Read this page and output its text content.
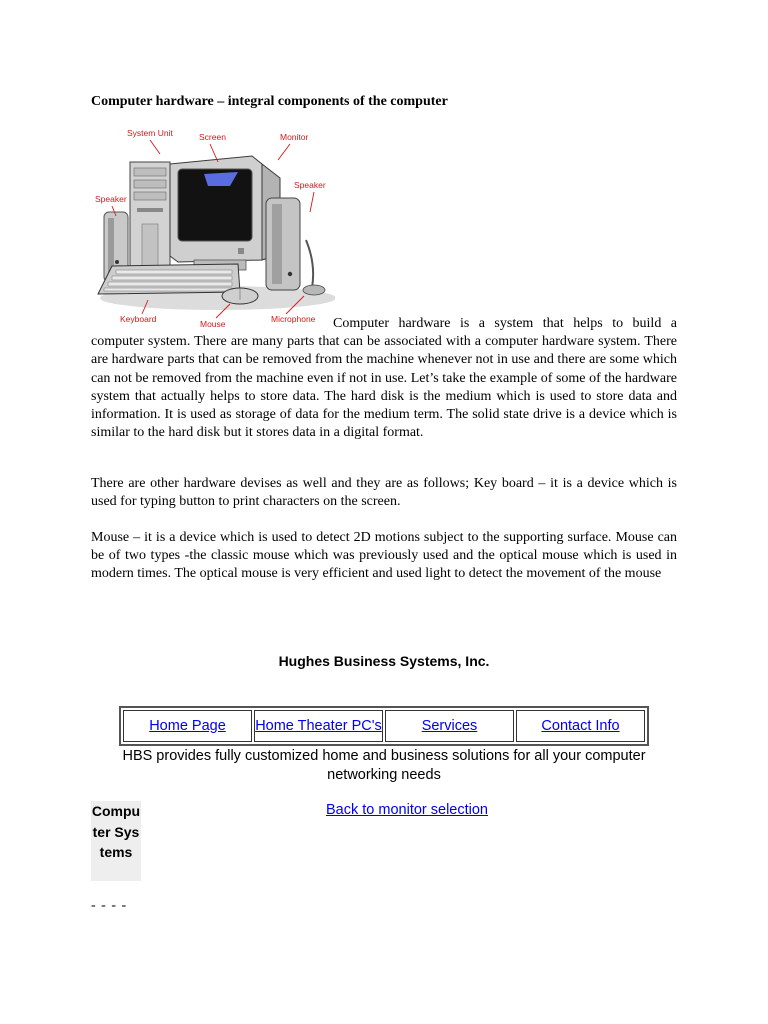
Computer hardware – integral components of the computer
System Unit	Screen	Monitor
Speaker
Speaker
Keyboard	Mouse	Microphone	Computer hardware is a system that helps to build a computer system. There are many parts that can be associated with a computer hardware system. There are hardware parts that can be removed from the machine whenever not in use and there are some which can not be removed from the machine even if not in use. Let’s take the example of some of the hardware system that actually helps to store data. The hard disk is the medium which is used to store data and information. It is used as storage of data for the medium term. The solid state drive is a device which is similar to the hard disk but it stores data in a digital format.

There are other hardware devises as well and they are as follows; Key board – it is a device which is used for typing button to print characters on the screen.

Mouse – it is a device which is used to detect 2D motions subject to the supporting surface. Mouse can be of two types -the classic mouse which was previously used and the optical mouse which is used in modern times. The optical mouse is very efficient and used light to detect the movement of the mouse

Hughes Business Systems, Inc.
Home Page	Home Theater PC's	Services	Contact Info
HBS provides fully customized home and business solutions for all your computer networking needs
Computer Systems
Back to monitor selection
- - - -
